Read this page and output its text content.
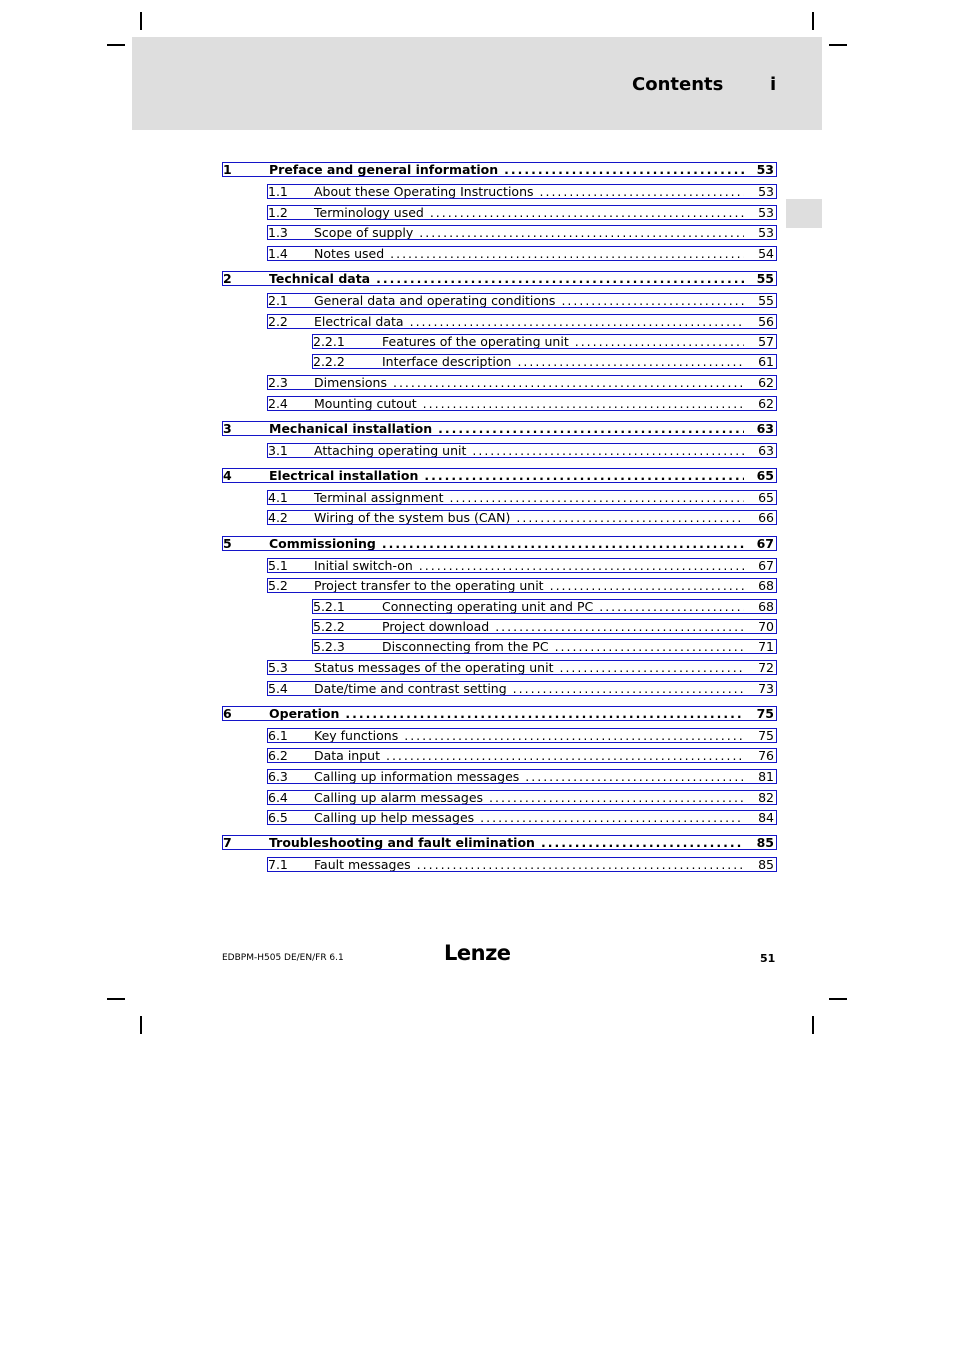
Contents	i
1	Preface and general information .....	53
1.1	About these Operating Instructions .....	53
1.2	Terminology used .....	53
1.3	Scope of supply .....	53
1.4	Notes used .....	54
2	Technical data .....	55
2.1	General data and operating conditions .....	55
2.2	Electrical data .....	56
2.2.1	Features of the operating unit .....	57
2.2.2	Interface description .....	61
2.3	Dimensions .....	62
2.4	Mounting cutout .....	62
3	Mechanical installation .....	63
3.1	Attaching operating unit .....	63
4	Electrical installation .....	65
4.1	Terminal assignment .....	65
4.2	Wiring of the system bus (CAN) .....	66
5	Commissioning .....	67
5.1	Initial switch-on .....	67
5.2	Project transfer to the operating unit .....	68
5.2.1	Connecting operating unit and PC .....	68
5.2.2	Project download .....	70
5.2.3	Disconnecting from the PC .....	71
5.3	Status messages of the operating unit .....	72
5.4	Date/time and contrast setting .....	73
6	Operation .....	75
6.1	Key functions .....	75
6.2	Data input .....	76
6.3	Calling up information messages .....	81
6.4	Calling up alarm messages .....	82
6.5	Calling up help messages .....	84
7	Troubleshooting and fault elimination .....	85
7.1	Fault messages .....	85
EDBPM-H505 DE/EN/FR 6.1	Lenze	51
